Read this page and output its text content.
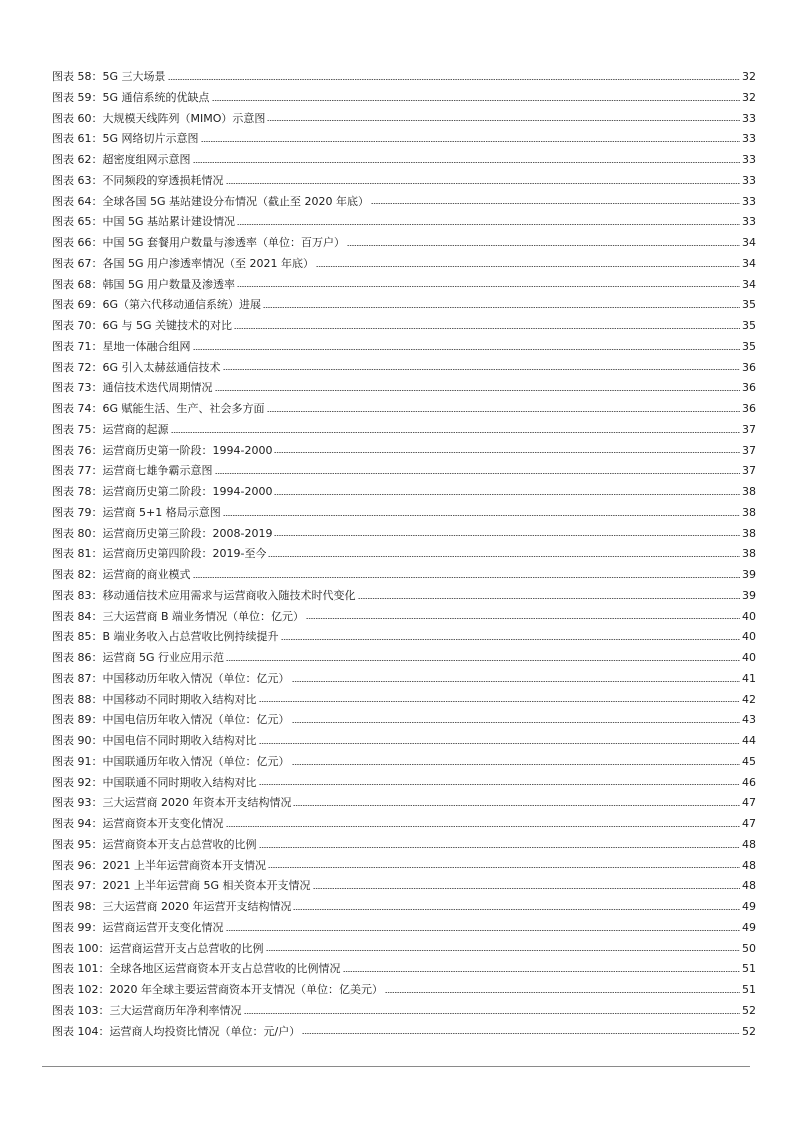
图表 58：5G 三大场景	32
图表 59：5G 通信系统的优缺点	32
图表 60：大规模天线阵列（MIMO）示意图	33
图表 61：5G 网络切片示意图	33
图表 62：超密度组网示意图	33
图表 63：不同频段的穿透损耗情况	33
图表 64：全球各国 5G 基站建设分布情况（截止至 2020 年底）	33
图表 65：中国 5G 基站累计建设情况	33
图表 66：中国 5G 套餐用户数量与渗透率（单位：百万户）	34
图表 67：各国 5G 用户渗透率情况（至 2021 年底）	34
图表 68：韩国 5G 用户数量及渗透率	34
图表 69：6G（第六代移动通信系统）进展	35
图表 70：6G 与 5G 关键技术的对比	35
图表 71：星地一体融合组网	35
图表 72：6G 引入太赫兹通信技术	36
图表 73：通信技术迭代周期情况	36
图表 74：6G 赋能生活、生产、社会多方面	36
图表 75：运营商的起源	37
图表 76：运营商历史第一阶段：1994-2000	37
图表 77：运营商七雄争霸示意图	37
图表 78：运营商历史第二阶段：1994-2000	38
图表 79：运营商 5+1 格局示意图	38
图表 80：运营商历史第三阶段：2008-2019	38
图表 81：运营商历史第四阶段：2019-至今	38
图表 82：运营商的商业模式	39
图表 83：移动通信技术应用需求与运营商收入随技术时代变化	39
图表 84：三大运营商 B 端业务情况（单位：亿元）	40
图表 85：B 端业务收入占总营收比例持续提升	40
图表 86：运营商 5G 行业应用示范	40
图表 87：中国移动历年收入情况（单位：亿元）	41
图表 88：中国移动不同时期收入结构对比	42
图表 89：中国电信历年收入情况（单位：亿元）	43
图表 90：中国电信不同时期收入结构对比	44
图表 91：中国联通历年收入情况（单位：亿元）	45
图表 92：中国联通不同时期收入结构对比	46
图表 93：三大运营商 2020 年资本开支结构情况	47
图表 94：运营商资本开支变化情况	47
图表 95：运营商资本开支占总营收的比例	48
图表 96：2021 上半年运营商资本开支情况	48
图表 97：2021 上半年运营商 5G 相关资本开支情况	48
图表 98：三大运营商 2020 年运营开支结构情况	49
图表 99：运营商运营开支变化情况	49
图表 100：运营商运营开支占总营收的比例	50
图表 101：全球各地区运营商资本开支占总营收的比例情况	51
图表 102：2020 年全球主要运营商资本开支情况（单位：亿美元）	51
图表 103：三大运营商历年净利率情况	52
图表 104：运营商人均投资比情况（单位：元/户）	52
